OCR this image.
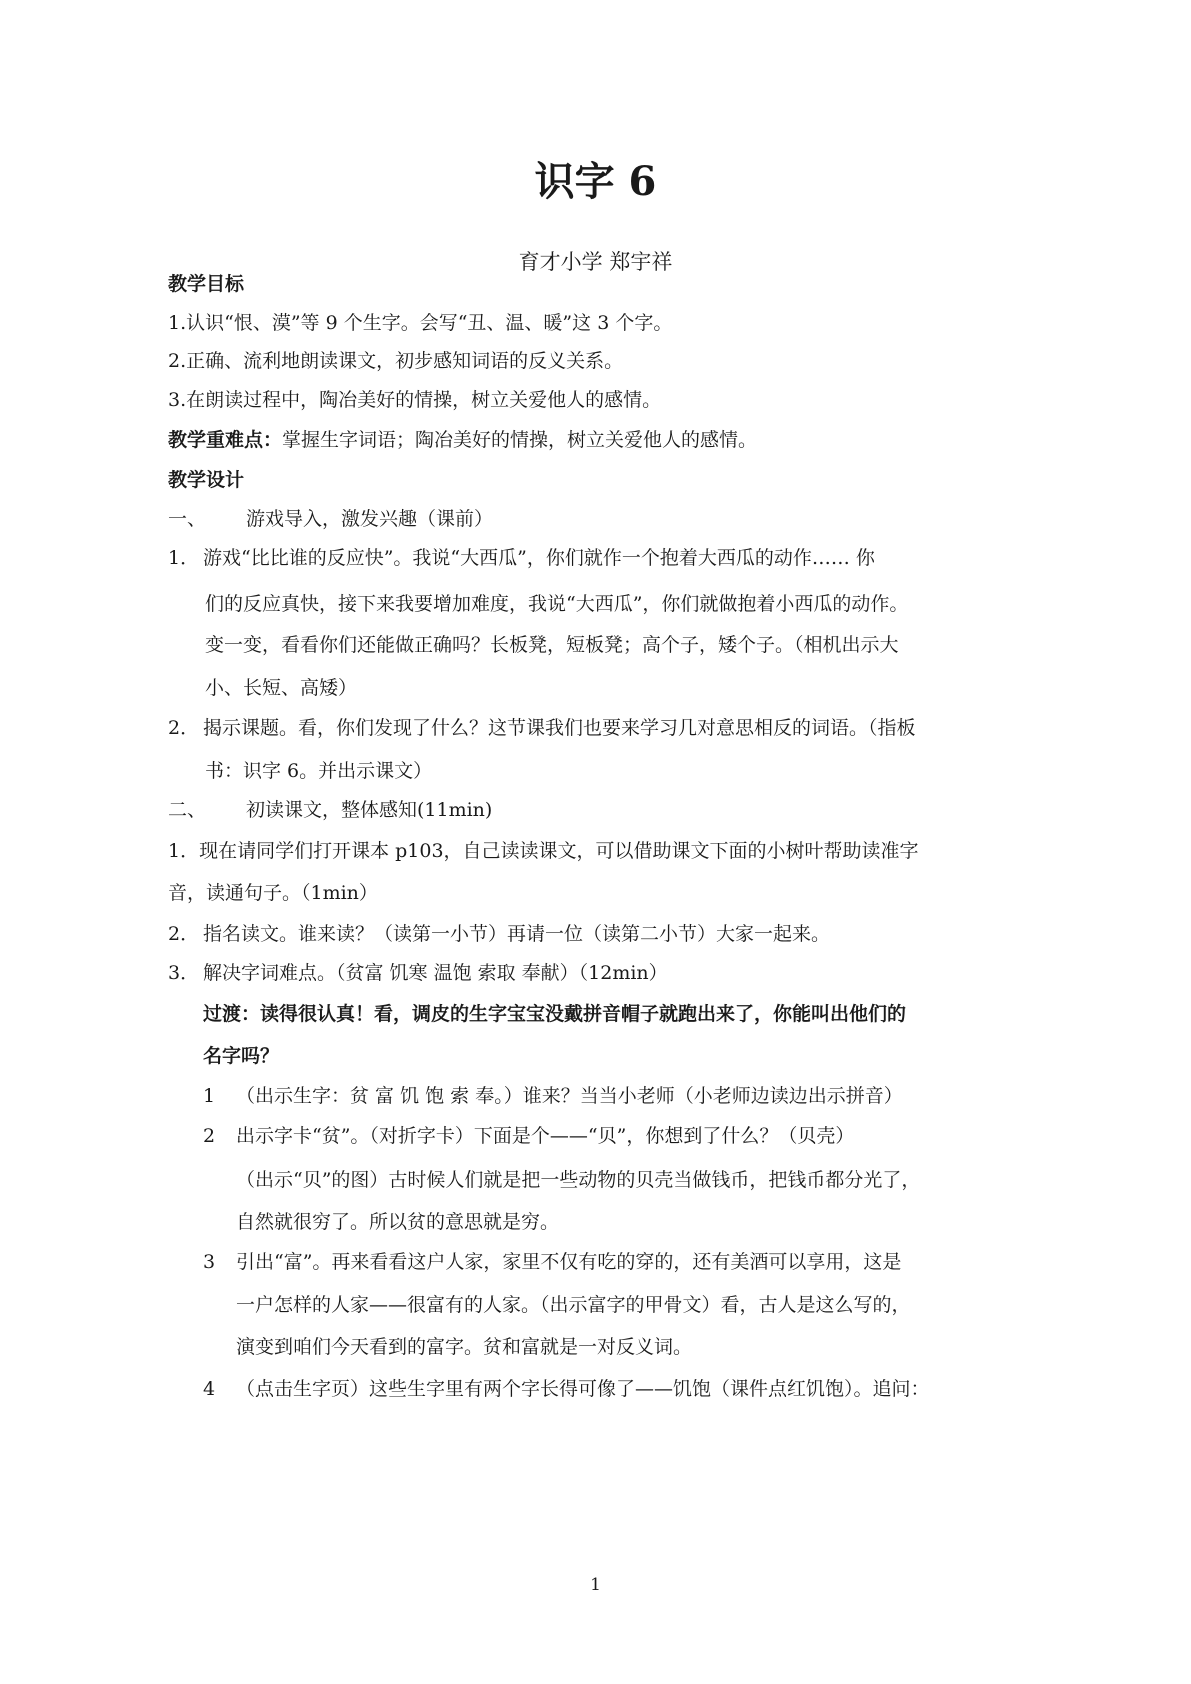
识字 6
育才小学 郑宇祥
教学目标
1.认识“恨、漠”等 9 个生字。会写“丑、温、暖”这 3 个字。
2.正确、流利地朗读课文，初步感知词语的反义关系。
3.在朗读过程中，陶冶美好的情操，树立关爱他人的感情。
教学重难点：掌握生字词语；陶冶美好的情操，树立关爱他人的感情。
教学设计
一、 游戏导入，激发兴趣（课前）
1． 游戏“比比谁的反应快”。我说“大西瓜”，你们就作一个抱着大西瓜的动作…… 你
们的反应真快，接下来我要增加难度，我说“大西瓜”，你们就做抱着小西瓜的动作。
变一变，看看你们还能做正确吗？长板凳，短板凳；高个子，矮个子。（相机出示大
小、长短、高矮）
2． 揭示课题。看，你们发现了什么？这节课我们也要来学习几对意思相反的词语。（指板
书：识字 6。并出示课文）
二、 初读课文，整体感知(11min)
1．现在请同学们打开课本 p103，自己读读课文，可以借助课文下面的小树叶帮助读准字
音，读通句子。（1min）
2． 指名读文。谁来读？（读第一小节）再请一位（读第二小节）大家一起来。
3． 解决字词难点。（贫富 饥寒 温饱 索取 奉献）（12min）
过渡：读得很认真！看，调皮的生字宝宝没戴拼音帽子就跑出来了，你能叫出他们的
名字吗？
1 （出示生字：贫 富 饥 饱 索 奉。）谁来？当当小老师（小老师边读边出示拼音）
2 出示字卡“贫”。（对折字卡）下面是个——“贝”，你想到了什么？（贝壳）
（出示“贝”的图）古时候人们就是把一些动物的贝壳当做钱币，把钱币都分光了，
自然就很穷了。所以贫的意思就是穷。
3 引出“富”。再来看看这户人家，家里不仅有吃的穿的，还有美酒可以享用，这是
一户怎样的人家——很富有的人家。（出示富字的甲骨文）看，古人是这么写的，
演变到咱们今天看到的富字。贫和富就是一对反义词。
4 （点击生字页）这些生字里有两个字长得可像了——饥饱（课件点红饥饱）。追问：
1
